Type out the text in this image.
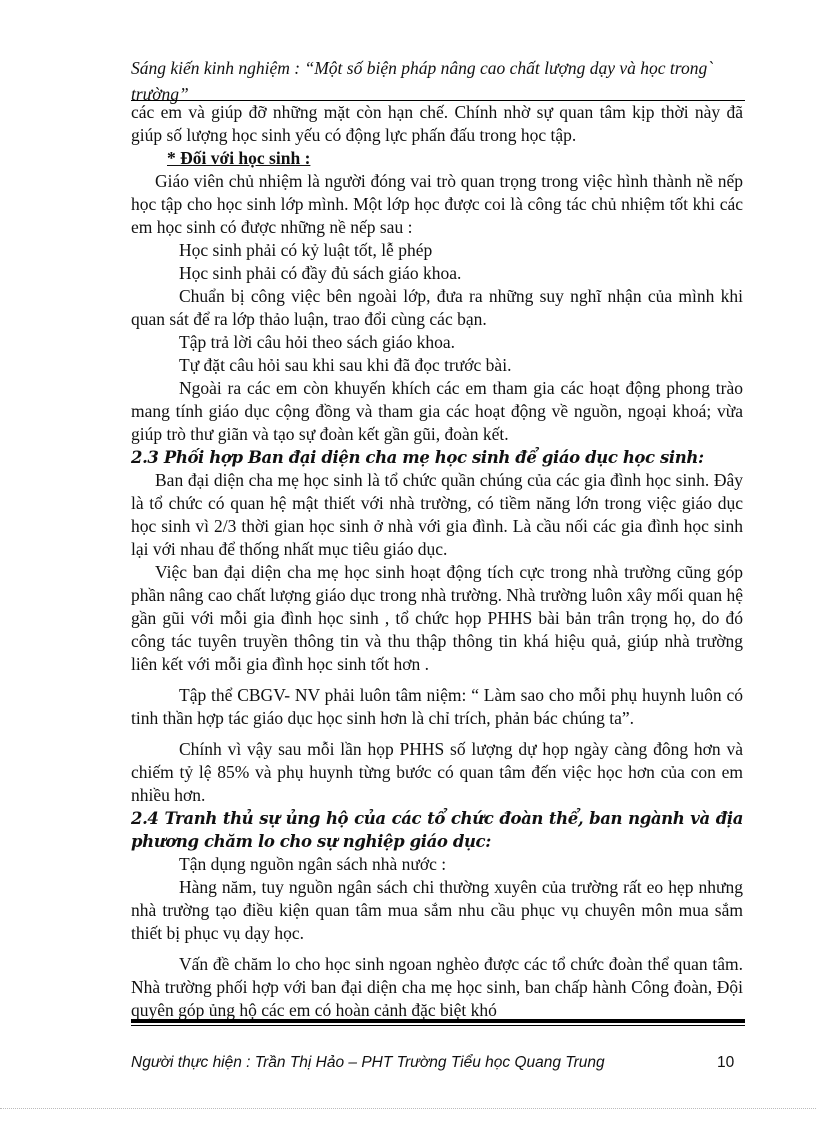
Sáng kiến kinh nghiệm : “Một số biện pháp nâng cao chất lượng dạy và học trong` trường”

các em và giúp đỡ những mặt còn hạn chế. Chính nhờ sự quan tâm kịp thời này đã giúp số lượng học sinh yếu có động lực phấn đấu trong học tập.

* Đối với học sinh :

Giáo viên chủ nhiệm là người đóng vai trò quan trọng trong việc hình thành nề nếp học tập cho học sinh lớp mình. Một lớp học được coi là công tác chủ nhiệm tốt khi các em học sinh có được những nề nếp sau :

Học sinh phải có kỷ luật tốt, lễ phép

Học sinh phải có đầy đủ sách giáo khoa.

Chuẩn bị công việc bên ngoài lớp, đưa ra những suy nghĩ nhận của mình khi quan sát để ra lớp thảo luận, trao đổi cùng các bạn.

Tập trả lời câu hỏi theo sách giáo khoa.

Tự đặt câu hỏi sau khi sau khi đã đọc trước bài.

Ngoài ra các em còn khuyến khích các em tham gia các hoạt động phong trào mang tính giáo dục cộng đồng và tham gia các hoạt động về nguồn, ngoại khoá; vừa giúp trò thư giãn và tạo sự đoàn kết gần gũi, đoàn kết.

2.3 Phối hợp Ban đại diện cha mẹ học sinh để giáo dục học sinh:

Ban đại diện cha mẹ học sinh là tổ chức quần chúng của các gia đình học sinh. Đây là tổ chức có quan hệ mật thiết với nhà trường, có tiềm năng lớn trong việc giáo dục học sinh vì 2/3 thời gian học sinh ở nhà với gia đình. Là cầu nối các gia đình học sinh lại với nhau để thống nhất mục tiêu giáo dục.

Việc ban đại diện cha mẹ học sinh hoạt động tích cực trong nhà trường cũng góp phần nâng cao chất lượng giáo dục trong nhà trường. Nhà trường luôn xây mối quan hệ gần gũi với mỗi gia đình học sinh , tổ chức họp PHHS bài bản trân trọng họ, do đó công tác tuyên truyền thông tin và thu thập thông tin khá hiệu quả, giúp nhà trường liên kết với mỗi gia đình học sinh tốt hơn .

Tập thể CBGV- NV phải luôn tâm niệm: “ Làm sao cho mỗi phụ huynh luôn có tinh thần hợp tác giáo dục học sinh hơn là chỉ trích, phản bác chúng ta”.

Chính vì vậy sau mỗi lần họp PHHS số lượng dự họp ngày càng đông hơn và chiếm tỷ lệ 85% và phụ huynh từng bước có quan tâm đến việc học hơn của con em nhiều hơn.

2.4 Tranh thủ sự ủng hộ của các tổ chức đoàn thể, ban ngành và địa phương chăm lo cho sự nghiệp giáo dục:

Tận dụng nguồn ngân sách nhà nước :

Hàng năm, tuy nguồn ngân sách chi thường xuyên của trường rất eo hẹp nhưng nhà trường tạo điều kiện quan tâm mua sắm nhu cầu phục vụ chuyên môn mua sắm thiết bị phục vụ dạy học.

Vấn đề chăm lo cho học sinh ngoan nghèo được các tổ chức đoàn thể quan tâm. Nhà trường phối hợp với ban đại diện cha mẹ học sinh, ban chấp hành Công đoàn, Đội quyên góp ủng hộ các em có hoàn cảnh đặc biệt khó

Người thực hiện : Trần Thị Hảo – PHT Trường Tiểu học Quang Trung	10
